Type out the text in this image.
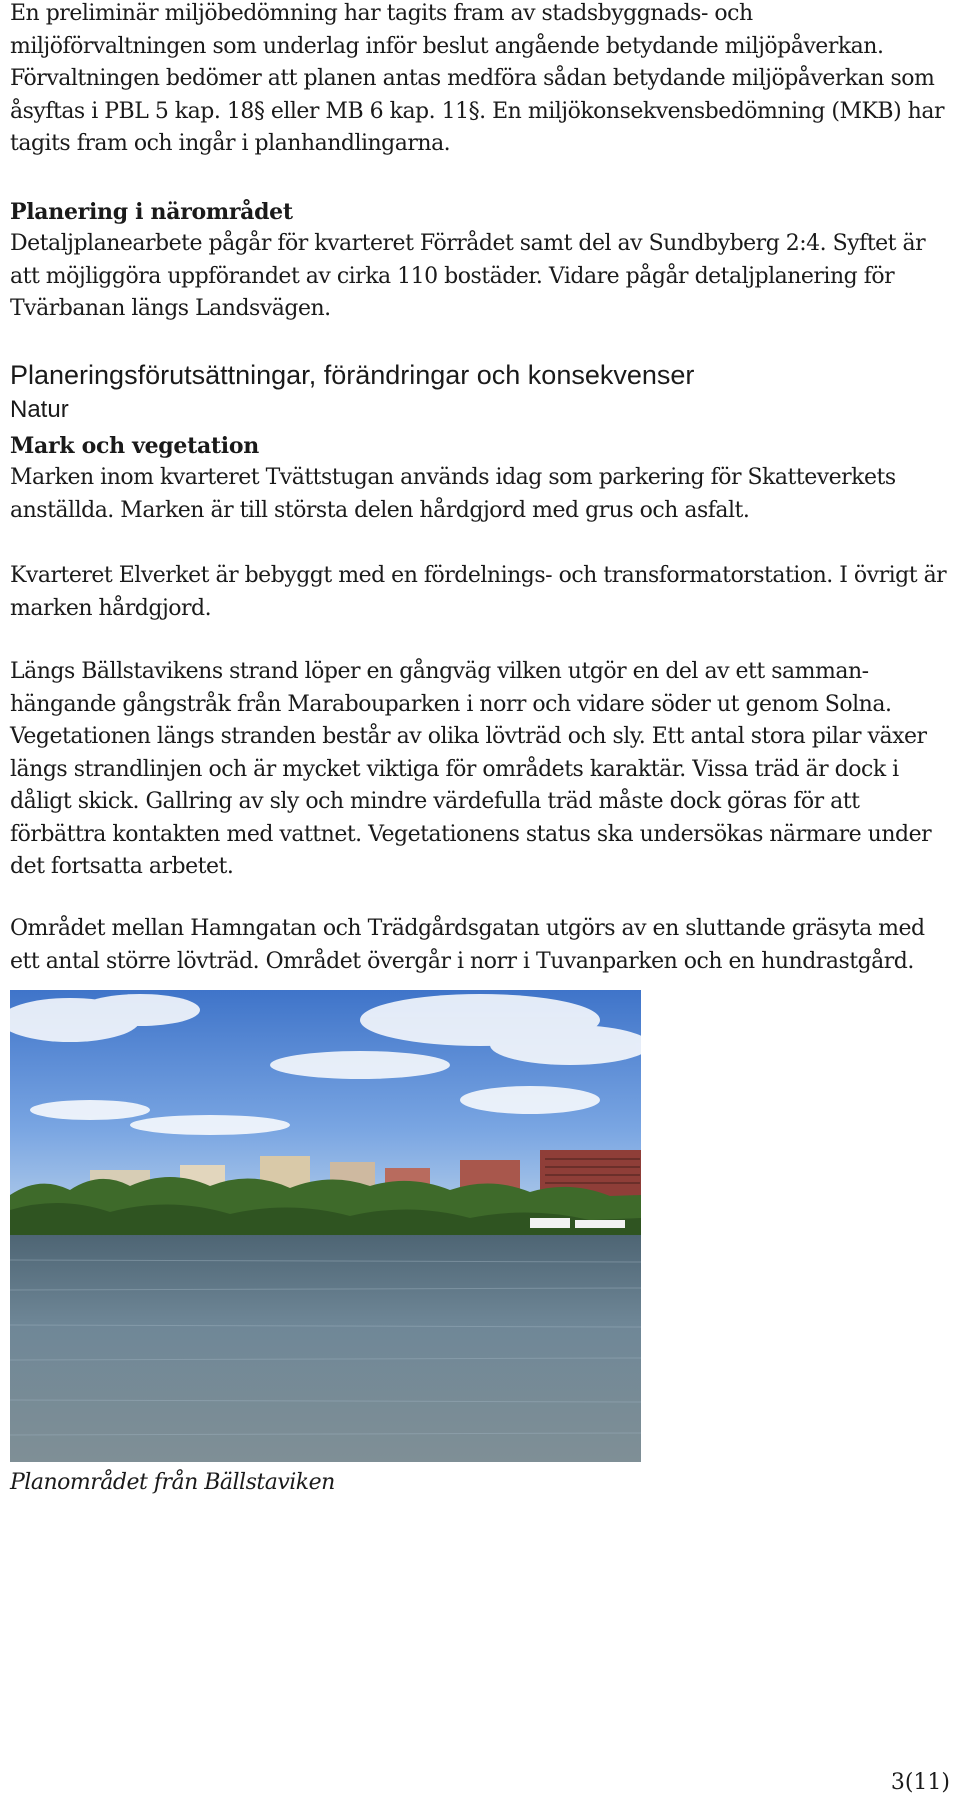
En preliminär miljöbedömning har tagits fram av stadsbyggnads- och miljöförvaltningen som underlag inför beslut angående betydande miljöpåverkan. Förvaltningen bedömer att planen antas medföra sådan betydande miljöpåverkan som åsyftas i PBL 5 kap. 18§ eller MB 6 kap. 11§. En miljökonsekvensbedömning (MKB) har tagits fram och ingår i planhandlingarna.

Planering i närområdet

Detaljplanearbete pågår för kvarteret Förrådet samt del av Sundbyberg 2:4. Syftet är att möjliggöra uppförandet av cirka 110 bostäder. Vidare pågår detaljplanering för Tvärbanan längs Landsvägen.

Planeringsförutsättningar, förändringar och konsekvenser
Natur
Mark och vegetation

Marken inom kvarteret Tvättstugan används idag som parkering för Skatteverkets anställda. Marken är till största delen hårdgjord med grus och asfalt.

Kvarteret Elverket är bebyggt med en fördelnings- och transformatorstation. I övrigt är marken hårdgjord.

Längs Bällstavikens strand löper en gångväg vilken utgör en del av ett samman-hängande gångstråk från Marabouparken i norr och vidare söder ut genom Solna. Vegetationen längs stranden består av olika lövträd och sly. Ett antal stora pilar växer längs strandlinjen och är mycket viktiga för områdets karaktär. Vissa träd är dock i dåligt skick. Gallring av sly och mindre värdefulla träd måste dock göras för att förbättra kontakten med vattnet. Vegetationens status ska undersökas närmare under det fortsatta arbetet.

Området mellan Hamngatan och Trädgårdsgatan utgörs av en sluttande gräsyta med ett antal större lövträd. Området övergår i norr i Tuvanparken och en hundrastgård.

Planområdet från Bällstaviken
3(11)
